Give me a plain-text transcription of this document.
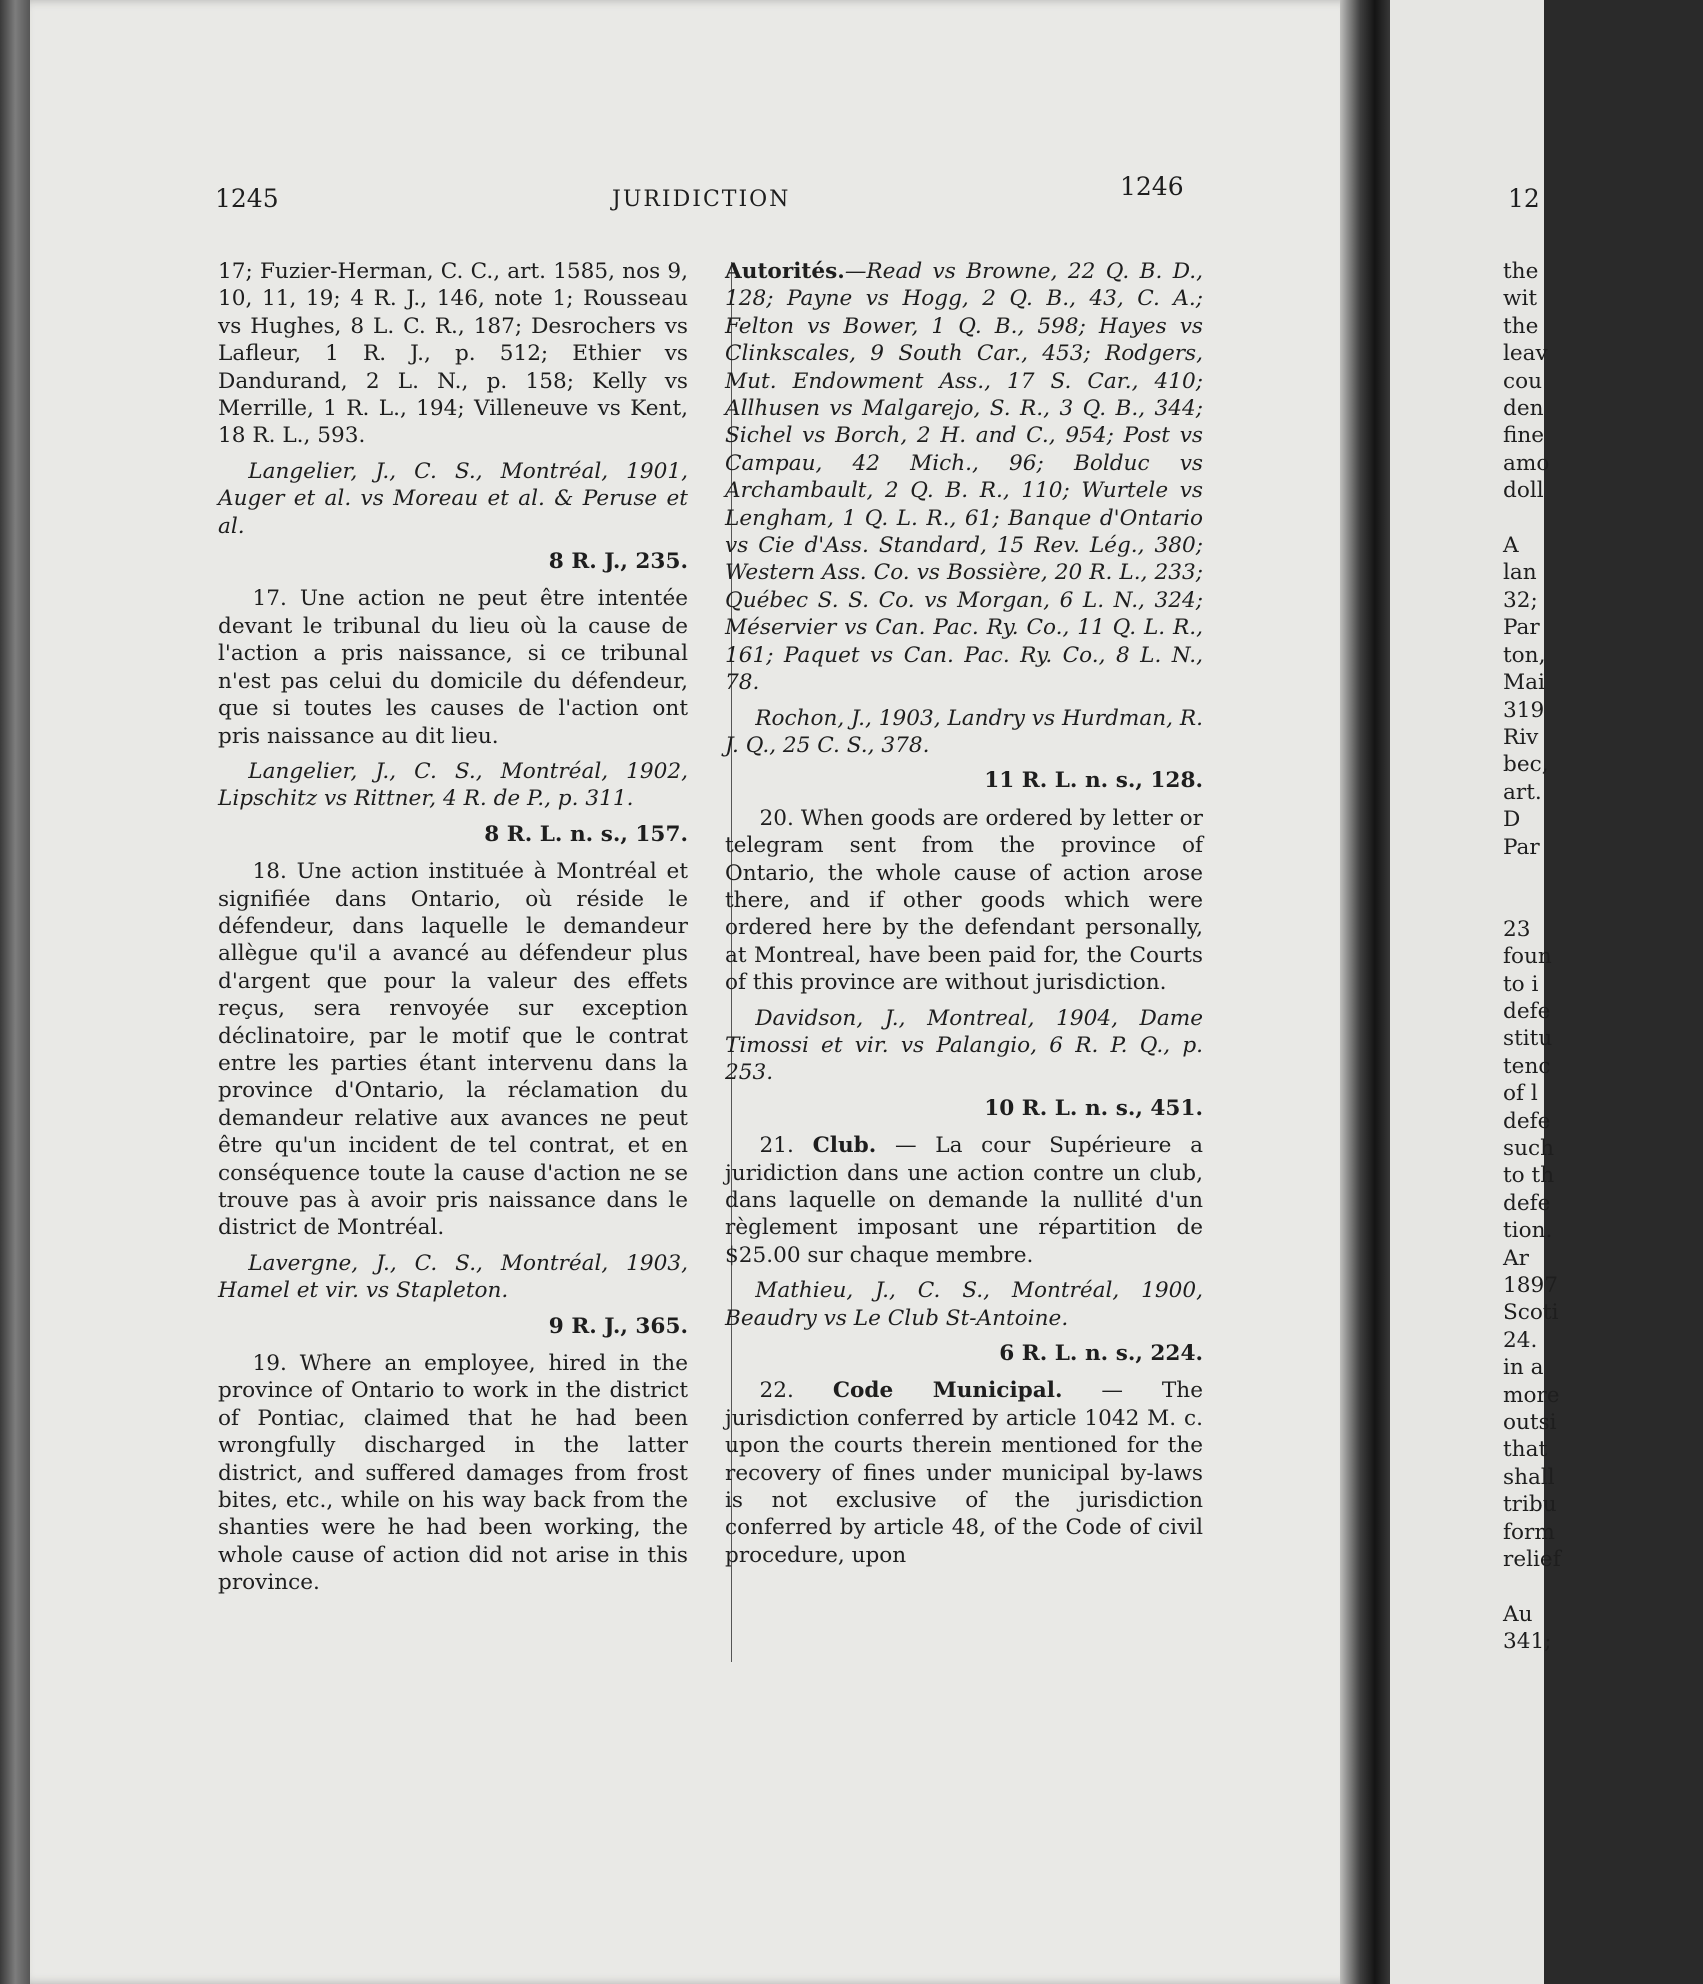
1245	JURIDICTION	1246

17; Fuzier-Herman, C. C., art. 1585, nos 9, 10, 11, 19; 4 R. J., 146, note 1; Rousseau vs Hughes, 8 L. C. R., 187; Desrochers vs Lafleur, 1 R. J., p. 512; Ethier vs Dandurand, 2 L. N., p. 158; Kelly vs Merrille, 1 R. L., 194; Villeneuve vs Kent, 18 R. L., 593.

Langelier, J., C. S., Montréal, 1901, Auger et al. vs Moreau et al. & Peruse et al.

8 R. J., 235.

17. Une action ne peut être intentée devant le tribunal du lieu où la cause de l'action a pris naissance, si ce tribunal n'est pas celui du domicile du défendeur, que si toutes les causes de l'action ont pris naissance au dit lieu.

Langelier, J., C. S., Montréal, 1902, Lipschitz vs Rittner, 4 R. de P., p. 311.

8 R. L. n. s., 157.

18. Une action instituée à Montréal et signifiée dans Ontario, où réside le défendeur, dans laquelle le demandeur allègue qu'il a avancé au défendeur plus d'argent que pour la valeur des effets reçus, sera renvoyée sur exception déclinatoire, par le motif que le contrat entre les parties étant intervenu dans la province d'Ontario, la réclamation du demandeur relative aux avances ne peut être qu'un incident de tel contrat, et en conséquence toute la cause d'action ne se trouve pas à avoir pris naissance dans le district de Montréal.

Lavergne, J., C. S., Montréal, 1903, Hamel et vir. vs Stapleton.

9 R. J., 365.

19. Where an employee, hired in the province of Ontario to work in the district of Pontiac, claimed that he had been wrongfully discharged in the latter district, and suffered damages from frost bites, etc., while on his way back from the shanties were he had been working, the whole cause of action did not arise in this province.

Autorités.—Read vs Browne, 22 Q. B. D., 128; Payne vs Hogg, 2 Q. B., 43, C. A.; Felton vs Bower, 1 Q. B., 598; Hayes vs Clinkscales, 9 South Car., 453; Rodgers, Mut. Endowment Ass., 17 S. Car., 410; Allhusen vs Malgarejo, S. R., 3 Q. B., 344; Sichel vs Borch, 2 H. and C., 954; Post vs Campau, 42 Mich., 96; Bolduc vs Archambault, 2 Q. B. R., 110; Wurtele vs Lengham, 1 Q. L. R., 61; Banque d'Ontario vs Cie d'Ass. Standard, 15 Rev. Lég., 380; Western Ass. Co. vs Bossière, 20 R. L., 233; Québec S. S. Co. vs Morgan, 6 L. N., 324; Méservier vs Can. Pac. Ry. Co., 11 Q. L. R., 161; Paquet vs Can. Pac. Ry. Co., 8 L. N., 78.

Rochon, J., 1903, Landry vs Hurdman, R. J. Q., 25 C. S., 378.

11 R. L. n. s., 128.

20. When goods are ordered by letter or telegram sent from the province of Ontario, the whole cause of action arose there, and if other goods which were ordered here by the defendant personally, at Montreal, have been paid for, the Courts of this province are without jurisdiction.

Davidson, J., Montreal, 1904, Dame Timossi et vir. vs Palangio, 6 R. P. Q., p. 253.

10 R. L. n. s., 451.

21. Club. — La cour Supérieure a juridiction dans une action contre un club, dans laquelle on demande la nullité d'un règlement imposant une répartition de $25.00 sur chaque membre.

Mathieu, J., C. S., Montréal, 1900, Beaudry vs Le Club St-Antoine.

6 R. L. n. s., 224.

22. Code Municipal. — The jurisdiction conferred by article 1042 M. c. upon the courts therein mentioned for the recovery of fines under municipal by-laws is not exclusive of the jurisdiction conferred by article 48, of the Code of civil procedure, upon

12
the
wit
the
leav
cou
den
fine
amo
doll

A
lan
32;
Par
ton,
Mai
319
Riv
bec,
art.
D
Par

23
foun
to i
defe
stitu
tenc
of l
defe
such
to th
defe
tion.
Ar
1897
Scoti
24.
in a
more
outsi
that
shall
tribu
form
relief

Au
341;
